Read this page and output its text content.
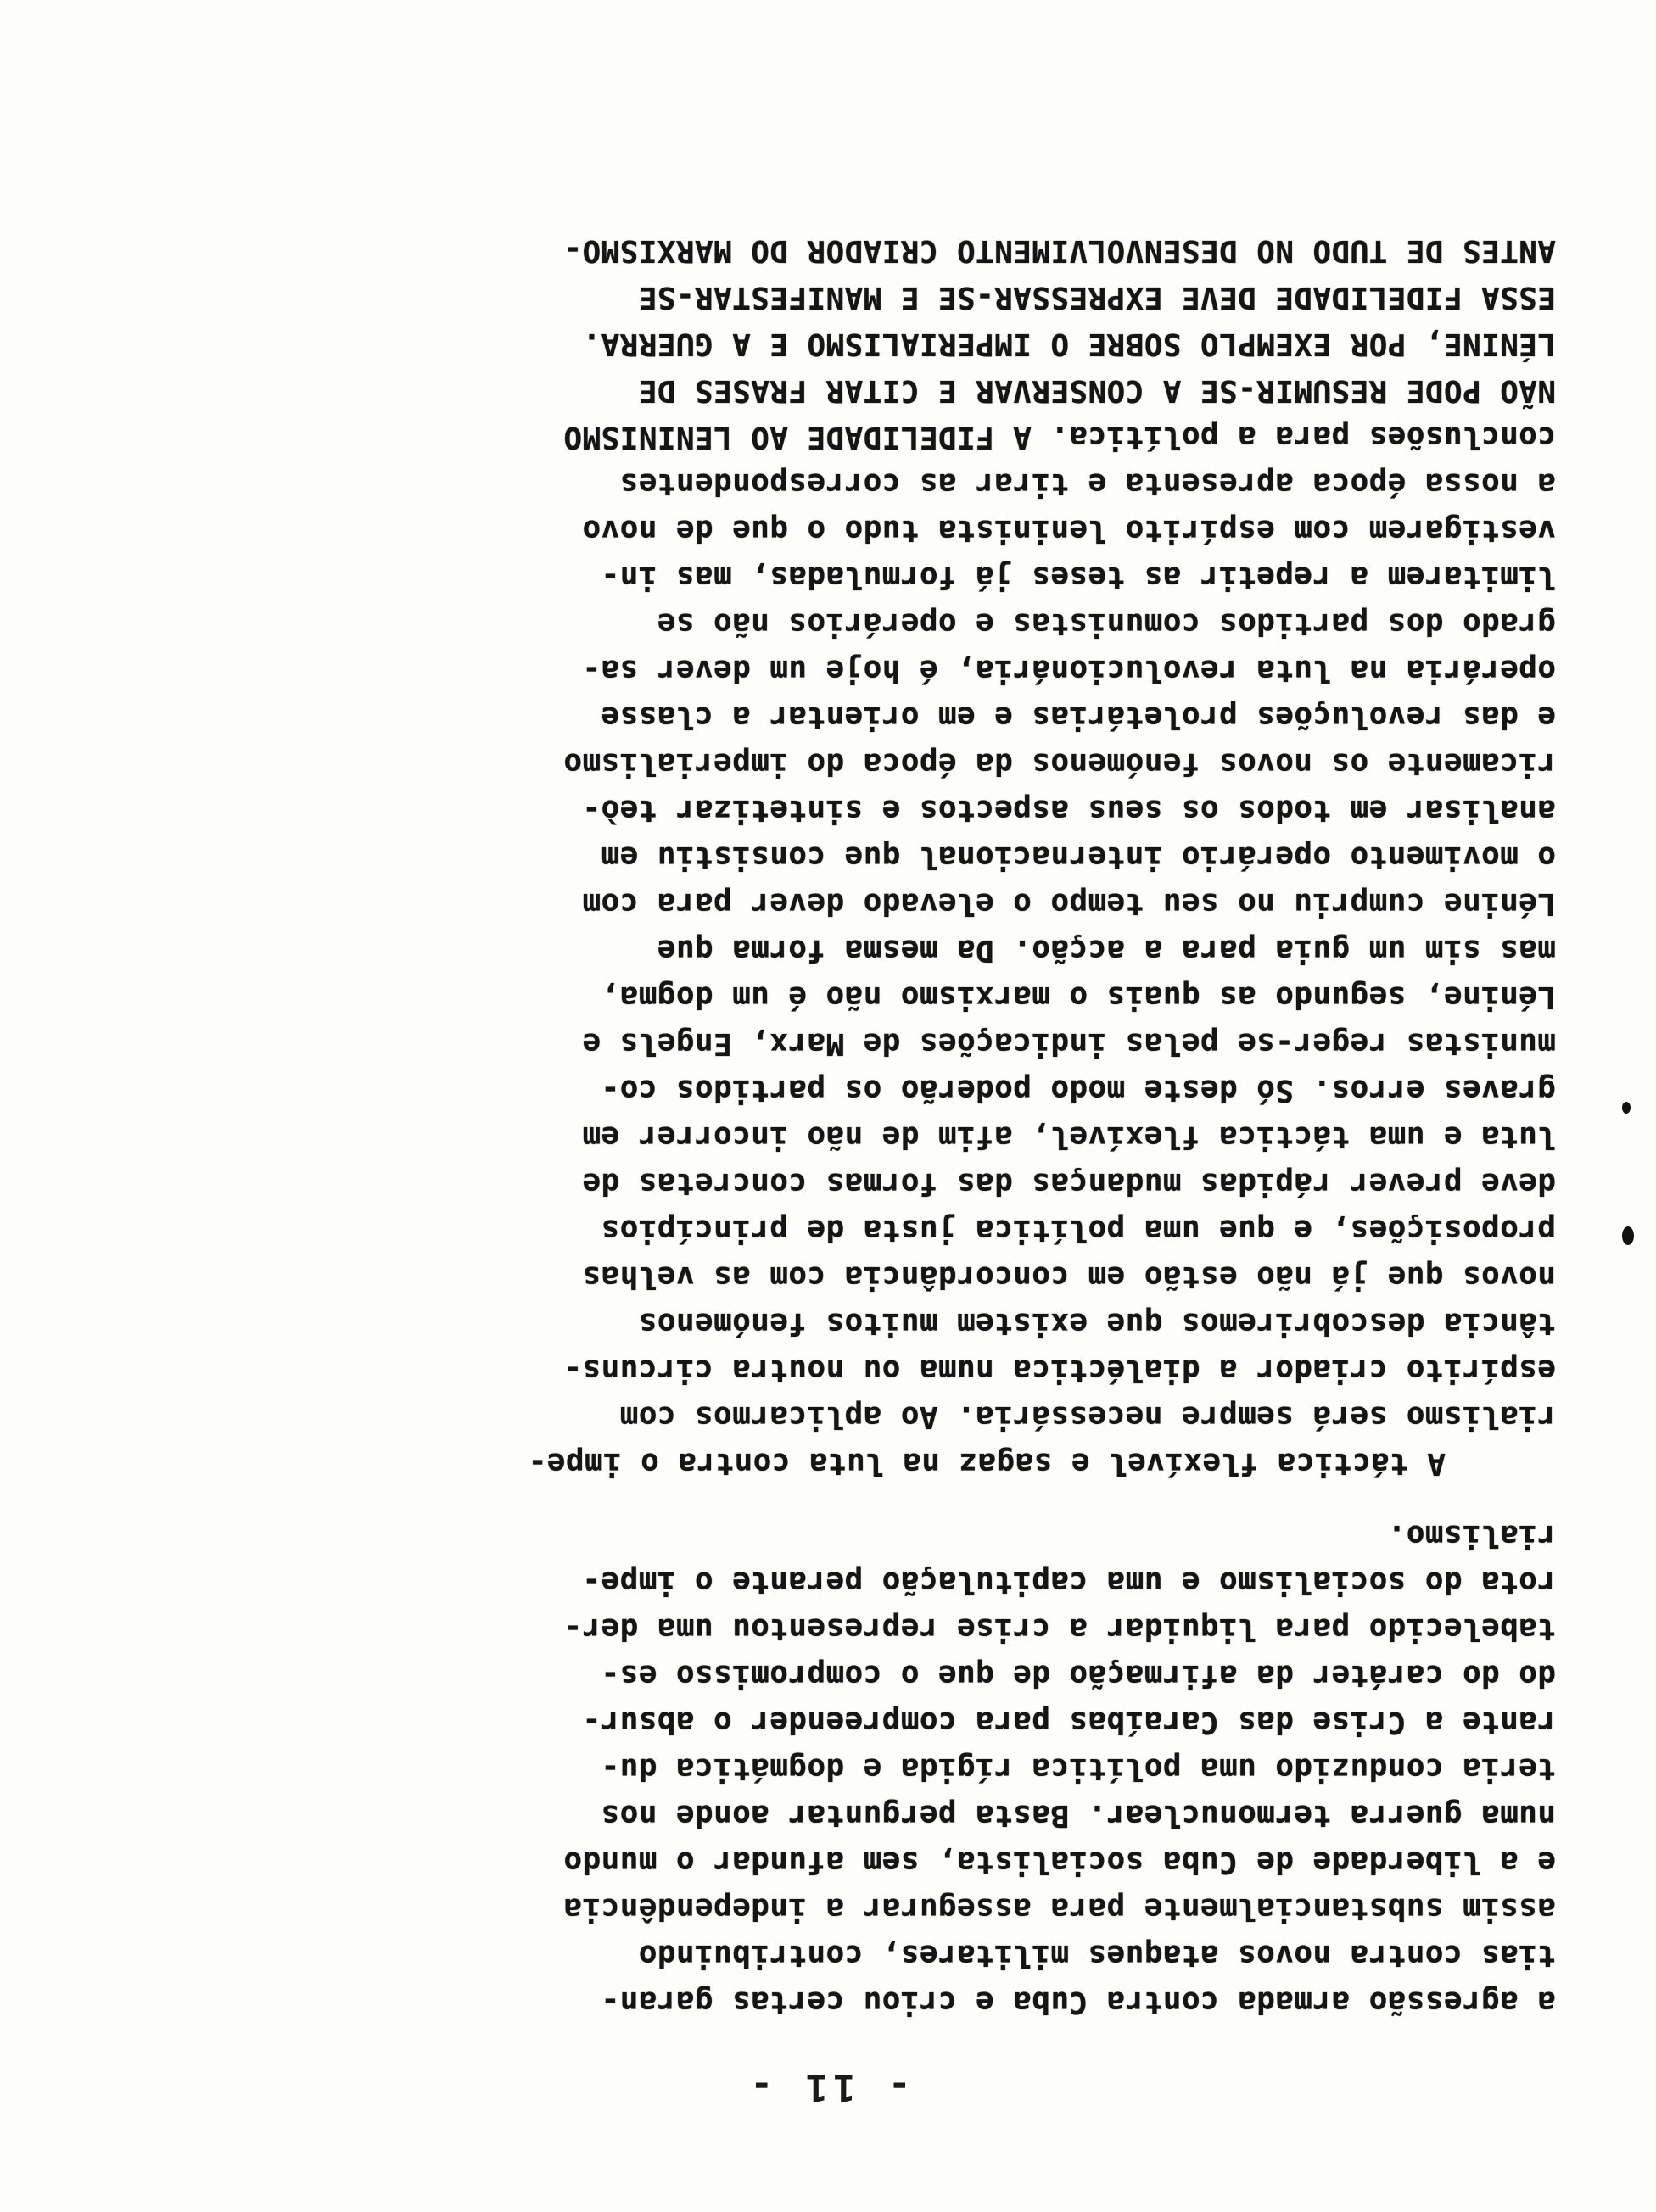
- 11 -
a agressão armada contra Cuba e criou certas garan-
tias contra novos ataques militares, contribuindo
assim substancialmente para assegurar a independência
e a liberdade de Cuba socialista, sem afundar o mundo
numa guerra termonuclear. Basta perguntar aonde nos
teria conduzido uma política rígida e dogmática du-
rante a Crise das Caraíbas para compreender o absur-
do do caráter da afirmação de que o compromisso es-
tabelecido para liquidar a crise representou uma der-
rota do socialismo e uma capitulação perante o impe-
rialismo.
A táctica flexível e sagaz na luta contra o impe-
rialismo será sempre necessária. Ao aplicarmos com
espírito criador a dialéctica numa ou noutra circuns-
tância descobriremos que existem muitos fenómenos
novos que já não estão em concordância com as velhas
proposições, e que uma política justa de princípios
deve prever rápidas mudanças das formas concretas de
luta e uma táctica flexível, afim de não incorrer em
graves erros. Só deste modo poderão os partidos co-
munistas reger-se pelas indicações de Marx, Engels e
Lénine, segundo as quais o marxismo não é um dogma,
mas sim um guia para a acção. Da mesma forma que
Lénine cumpriu no seu tempo o elevado dever para com
o movimento operário internacional que consistiu em
analisar em todos os seus aspectos e sintetizar teò-
ricamente os novos fenómenos da época do imperialismo
e das revoluções proletárias e em orientar a classe
operária na luta revolucionária, é hoje um dever sa-
grado dos partidos comunistas e operários não se
limitarem a repetir as teses já formuladas, mas in-
vestigarem com espírito leninista tudo o que de novo
a nossa época apresenta e tirar as correspondentes
conclusões para a política. A FIDELIDADE AO LENINISMO
NÃO PODE RESUMIR-SE A CONSERVAR E CITAR FRASES DE
LÉNINE, POR EXEMPLO SOBRE O IMPERIALISMO E A GUERRA.
ESSA FIDELIDADE DEVE EXPRESSAR-SE E MANIFESTAR-SE
ANTES DE TUDO NO DESENVOLVIMENTO CRIADOR DO MARXISMO-
